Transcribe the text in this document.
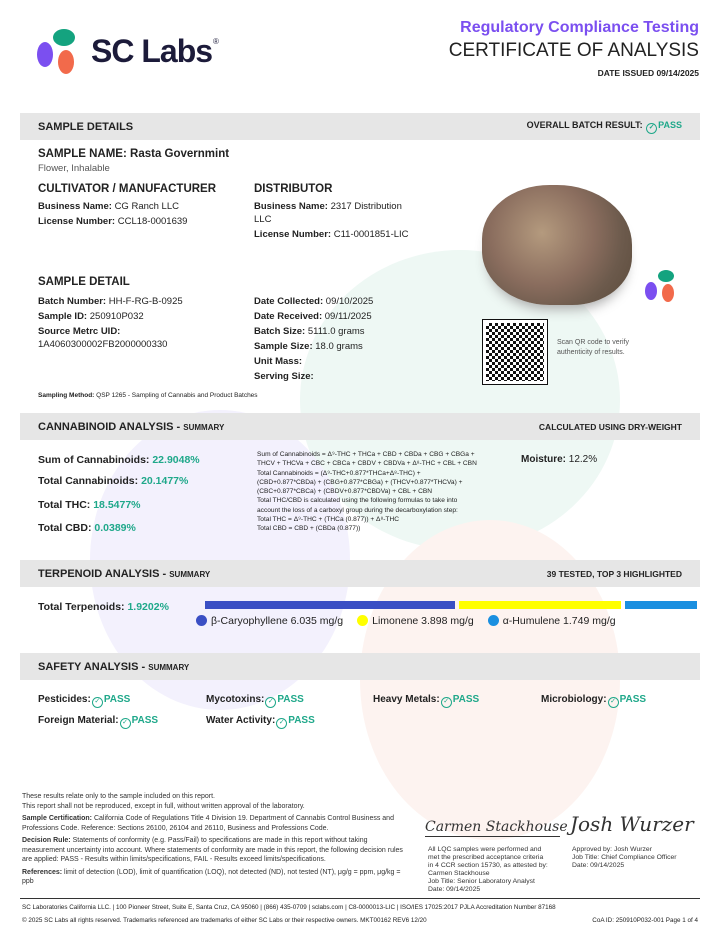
SC Labs®
Regulatory Compliance Testing
CERTIFICATE OF ANALYSIS
DATE ISSUED 09/14/2025
SAMPLE DETAILS	OVERALL BATCH RESULT: ✓ PASS
SAMPLE NAME: Rasta Governmint
Flower, Inhalable
CULTIVATOR / MANUFACTURER
Business Name: CG Ranch LLC
License Number: CCL18-0001639
DISTRIBUTOR
Business Name: 2317 Distribution LLC
License Number: C11-0001851-LIC
SAMPLE DETAIL
Batch Number: HH-F-RG-B-0925
Sample ID: 250910P032
Source Metrc UID:
1A4060300002FB2000000330
Date Collected: 09/10/2025
Date Received: 09/11/2025
Batch Size: 5111.0 grams
Sample Size: 18.0 grams
Unit Mass:
Serving Size:
Scan QR code to verify authenticity of results.
Sampling Method: QSP 1265 - Sampling of Cannabis and Product Batches
CANNABINOID ANALYSIS - SUMMARY	CALCULATED USING DRY-WEIGHT
Sum of Cannabinoids: 22.9048%
Total Cannabinoids: 20.1477%
Total THC: 18.5477%
Total CBD: 0.0389%
Sum of Cannabinoids = Δ⁹-THC + THCa + CBD + CBDa + CBG + CBGa +
THCV + THCVa + CBC + CBCa + CBDV + CBDVa + Δ⁸-THC + CBL + CBN
Total Cannabinoids = (Δ⁹-THC+0.877*THCa+Δ⁸-THC) +
(CBD+0.877*CBDa) + (CBG+0.877*CBGa) + (THCV+0.877*THCVa) +
(CBC+0.877*CBCa) + (CBDV+0.877*CBDVa) + CBL + CBN
Total THC/CBD is calculated using the following formulas to take into
account the loss of a carboxyl group during the decarboxylation step:
Total THC = Δ⁹-THC + (THCa (0.877)) + Δ⁸-THC
Total CBD = CBD + (CBDa (0.877))
Moisture: 12.2%
TERPENOID ANALYSIS - SUMMARY	39 TESTED, TOP 3 HIGHLIGHTED
Total Terpenoids: 1.9202%
β-Caryophyllene 6.035 mg/g	Limonene 3.898 mg/g	α-Humulene 1.749 mg/g
SAFETY ANALYSIS - SUMMARY
Pesticides: ✓ PASS	Mycotoxins: ✓ PASS	Heavy Metals: ✓ PASS	Microbiology: ✓ PASS
Foreign Material: ✓ PASS	Water Activity: ✓ PASS
These results relate only to the sample included on this report.
This report shall not be reproduced, except in full, without written approval of the laboratory.
Sample Certification: California Code of Regulations Title 4 Division 19. Department of Cannabis Control Business and Professions Code. Reference: Sections 26100, 26104 and 26110, Business and Professions Code.
Decision Rule: Statements of conformity (e.g. Pass/Fail) to specifications are made in this report without taking measurement uncertainty into account. Where statements of conformity are made in this report, the following decision rules are applied: PASS - Results within limits/specifications, FAIL - Results exceed limits/specifications.
References: limit of detection (LOD), limit of quantification (LOQ), not detected (ND), not tested (NT), μg/g = ppm, μg/kg = ppb
Carmen Stackhouse Josh Wurzer
All LQC samples were performed and
met the prescribed acceptance criteria
in 4 CCR section 15730, as attested by:
Carmen Stackhouse
Job Title: Senior Laboratory Analyst
Date: 09/14/2025
Approved by: Josh Wurzer
Job Title: Chief Compliance Officer
Date: 09/14/2025
SC Laboratories California LLC. | 100 Pioneer Street, Suite E, Santa Cruz, CA 95060 | (866) 435-0709 | sclabs.com | C8-0000013-LIC | ISO/IES 17025:2017 PJLA Accreditation Number 87168
© 2025 SC Labs all rights reserved. Trademarks referenced are trademarks of either SC Labs or their respective owners. MKT00162 REV6 12/20	CoA ID: 250910P032-001 Page 1 of 4
